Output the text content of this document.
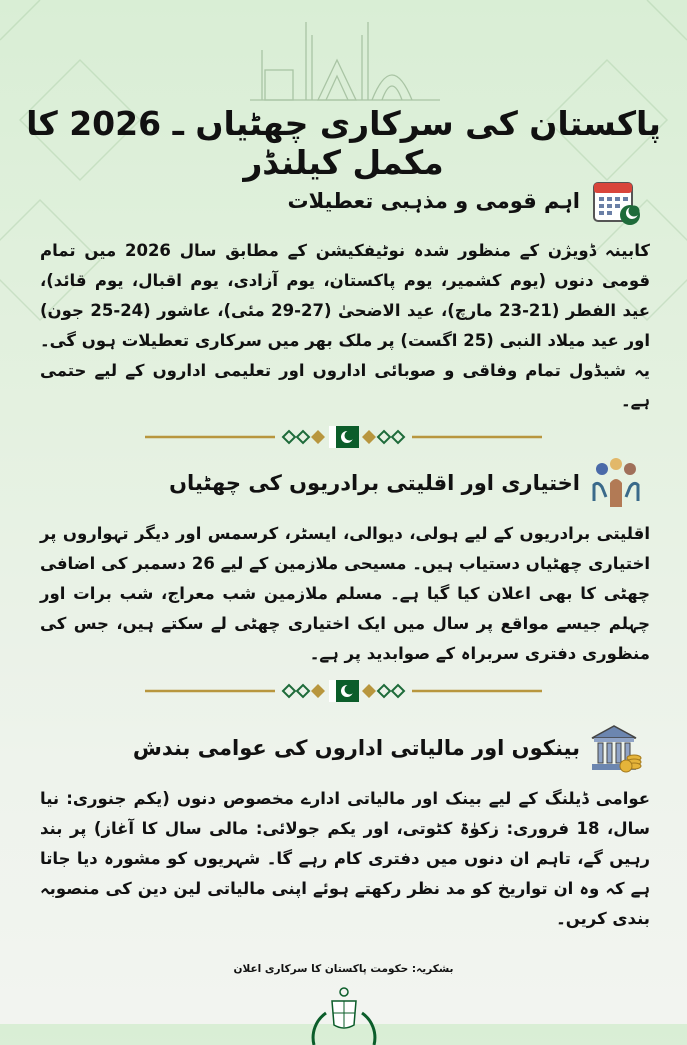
پاکستان کی سرکاری چھٹیاں ـ 2026 کا مکمل کیلنڈر
اہم قومی و مذہبی تعطیلات
کابینہ ڈویژن کے منظور شدہ نوٹیفکیشن کے مطابق سال 2026 میں تمام قومی دنوں (یوم کشمیر، یوم پاکستان، یوم آزادی، یوم اقبال، یوم قائد)، عید الفطر (21-23 مارچ)، عید الاضحیٰ (27-29 مئی)، عاشور (24-25 جون) اور عید میلاد النبی (25 اگست) پر ملک بھر میں سرکاری تعطیلات ہوں گی۔ یہ شیڈول تمام وفاقی و صوبائی اداروں اور تعلیمی اداروں کے لیے حتمی ہے۔
اختیاری اور اقلیتی برادریوں کی چھٹیاں
اقلیتی برادریوں کے لیے ہولی، دیوالی، ایسٹر، کرسمس اور دیگر تہواروں پر اختیاری چھٹیاں دستیاب ہیں۔ مسیحی ملازمین کے لیے 26 دسمبر کی اضافی چھٹی کا بھی اعلان کیا گیا ہے۔ مسلم ملازمین شب معراج، شب برات اور چہلم جیسے مواقع پر سال میں ایک اختیاری چھٹی لے سکتے ہیں، جس کی منظوری دفتری سربراہ کے صوابدید پر ہے۔
بینکوں اور مالیاتی اداروں کی عوامی بندش
عوامی ڈیلنگ کے لیے بینک اور مالیاتی ادارے مخصوص دنوں (یکم جنوری: نیا سال، 18 فروری: زکوٰۃ کٹوتی، اور یکم جولائی: مالی سال کا آغاز) پر بند رہیں گے، تاہم ان دنوں میں دفتری کام رہے گا۔ شہریوں کو مشورہ دیا جاتا ہے کہ وہ ان تواریخ کو مد نظر رکھتے ہوئے اپنی مالیاتی لین دین کی منصوبہ بندی کریں۔
بشکریہ: حکومت پاکستان کا سرکاری اعلان
